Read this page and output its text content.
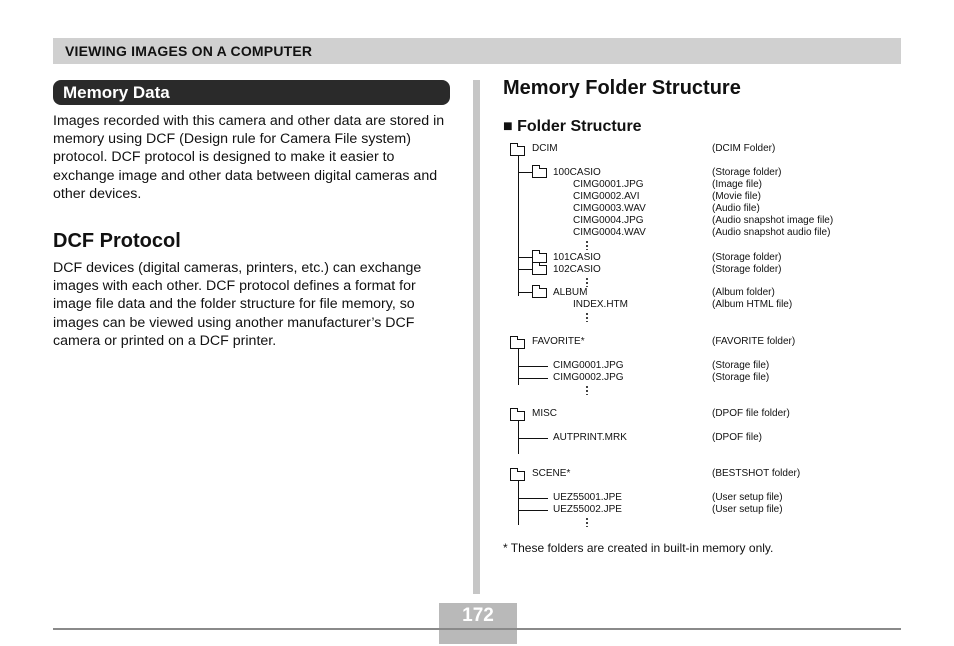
VIEWING IMAGES ON A COMPUTER
Memory Data

Images recorded with this camera and other data are stored in memory using DCF (Design rule for Camera File system) protocol. DCF protocol is designed to make it easier to exchange image and other data between digital cameras and other devices.

DCF Protocol

DCF devices (digital cameras, printers, etc.) can exchange images with each other. DCF protocol defines a format for image file data and the folder structure for file memory, so images can be viewed using another manufacturer’s DCF camera or printed on a DCF printer.

Memory Folder Structure
■ Folder Structure
DCIM	(DCIM Folder)
100CASIO	(Storage folder)
CIMG0001.JPG	(Image file)
CIMG0002.AVI	(Movie file)
CIMG0003.WAV	(Audio file)
CIMG0004.JPG	(Audio snapshot image file)
CIMG0004.WAV	(Audio snapshot audio file)
101CASIO	(Storage folder)
102CASIO	(Storage folder)
ALBUM	(Album folder)
INDEX.HTM	(Album HTML file)
FAVORITE*	(FAVORITE folder)
CIMG0001.JPG	(Storage file)
CIMG0002.JPG	(Storage file)
MISC	(DPOF file folder)
AUTPRINT.MRK	(DPOF file)
SCENE*	(BESTSHOT folder)
UEZ55001.JPE	(User setup file)
UEZ55002.JPE	(User setup file)
* These folders are created in built-in memory only.
172
